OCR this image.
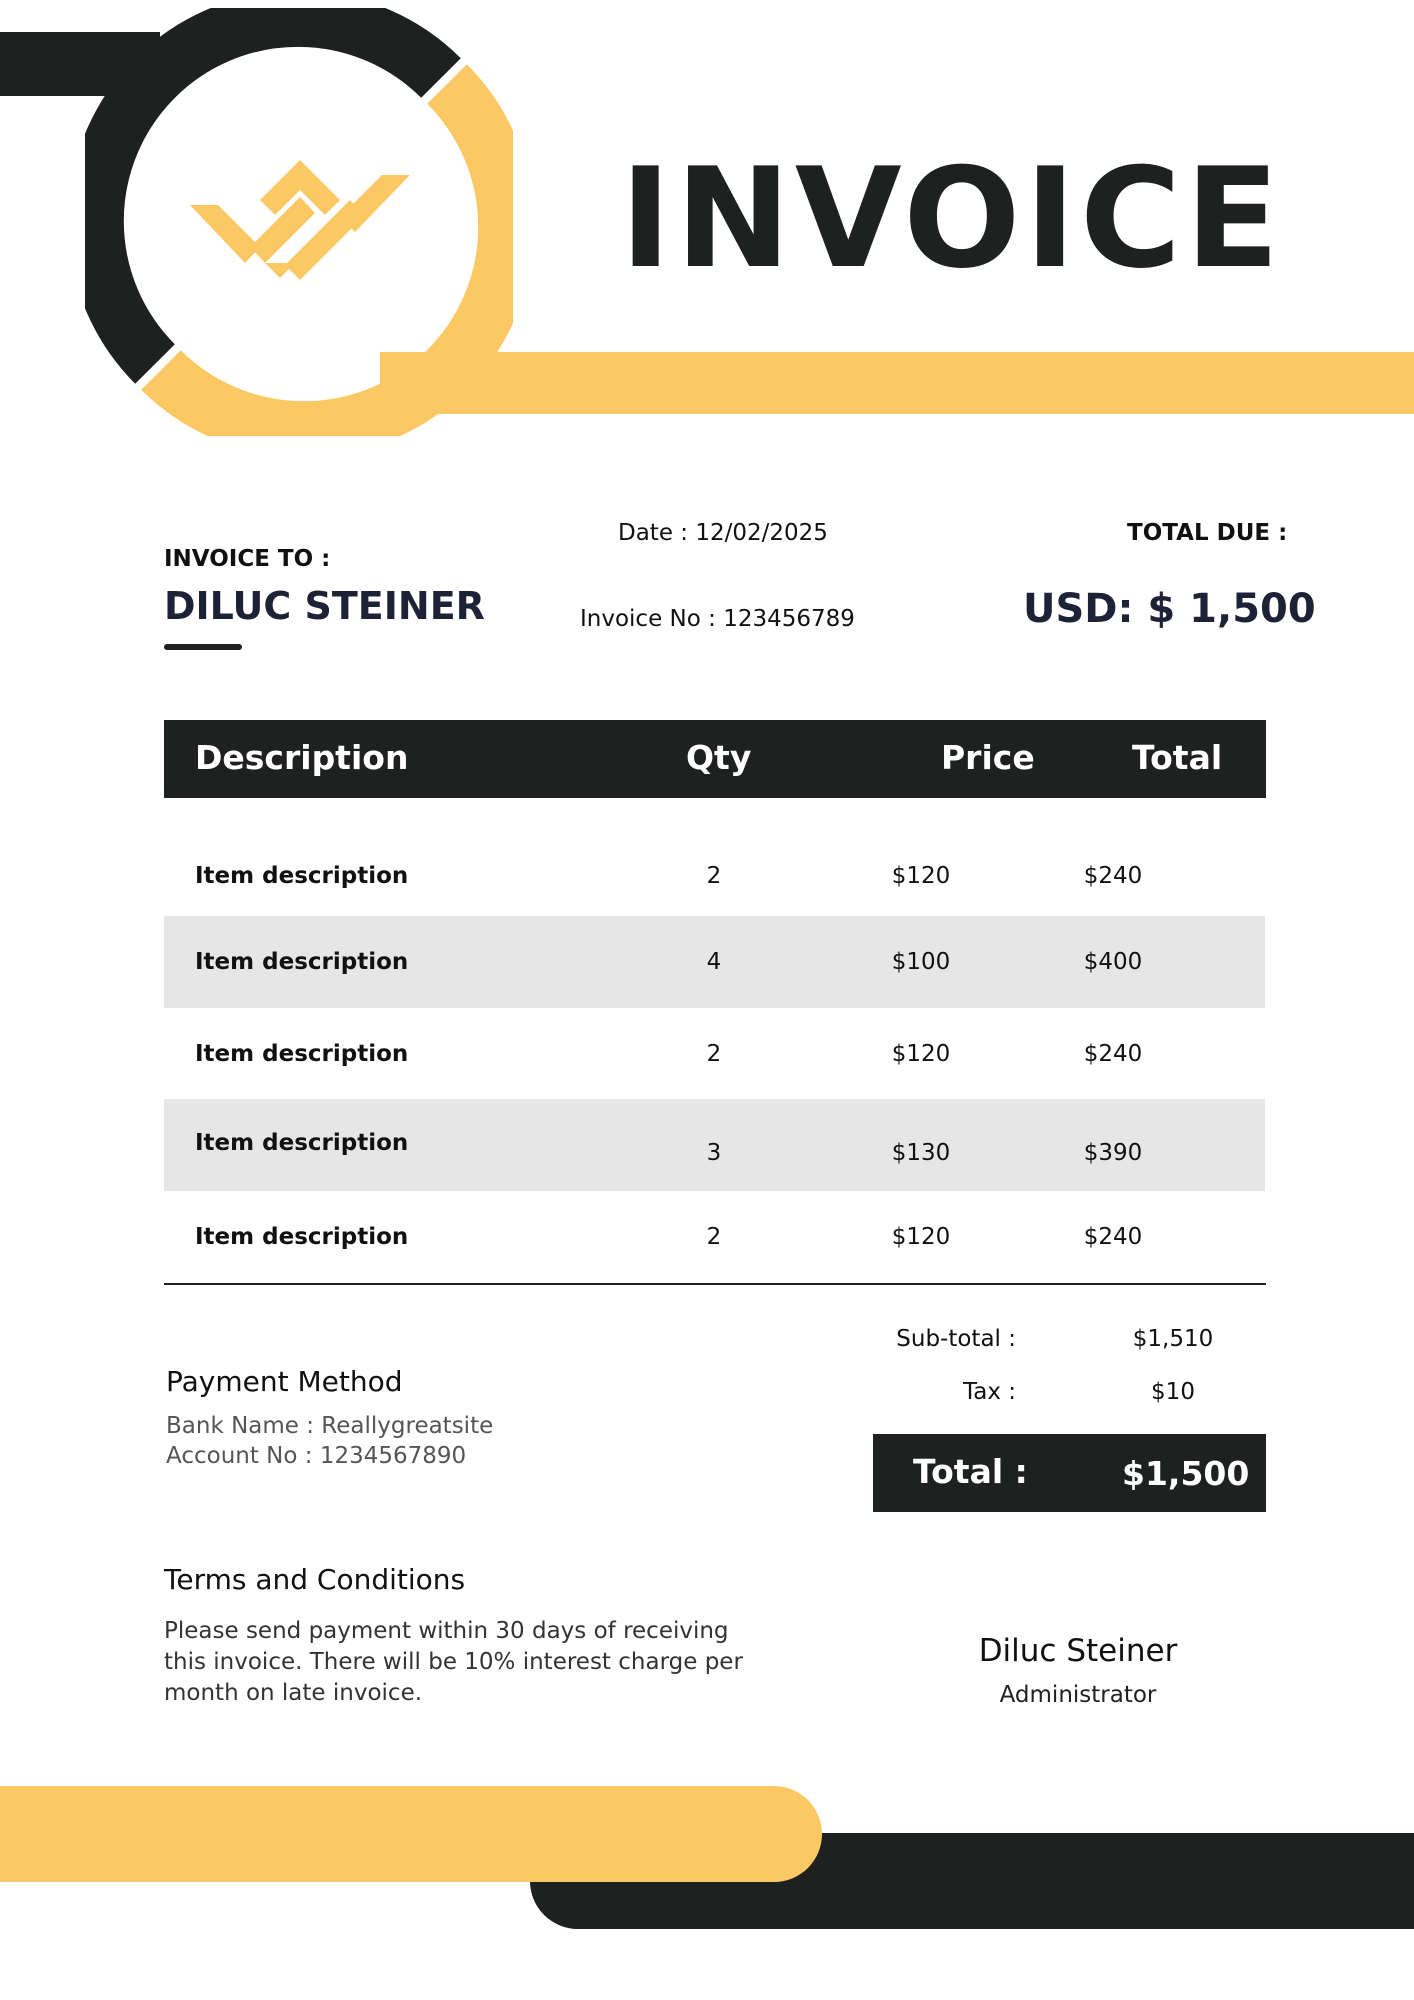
INVOICE
INVOICE TO :
DILUC STEINER
Date : 12/02/2025
Invoice No : 123456789
TOTAL DUE :
USD: $ 1,500
Description	Qty	Price	Total
Item description	2	$120	$240
Item description	4	$100	$400
Item description	2	$120	$240
Item description	3	$130	$390
Item description	2	$120	$240
Sub-total :	$1,510
Tax :	$10
Total :	$1,500
Payment Method
Bank Name : Reallygreatsite
Account No : 1234567890
Terms and Conditions
Please send payment within 30 days of receiving this invoice. There will be 10% interest charge per month on late invoice.
Diluc Steiner
Administrator
